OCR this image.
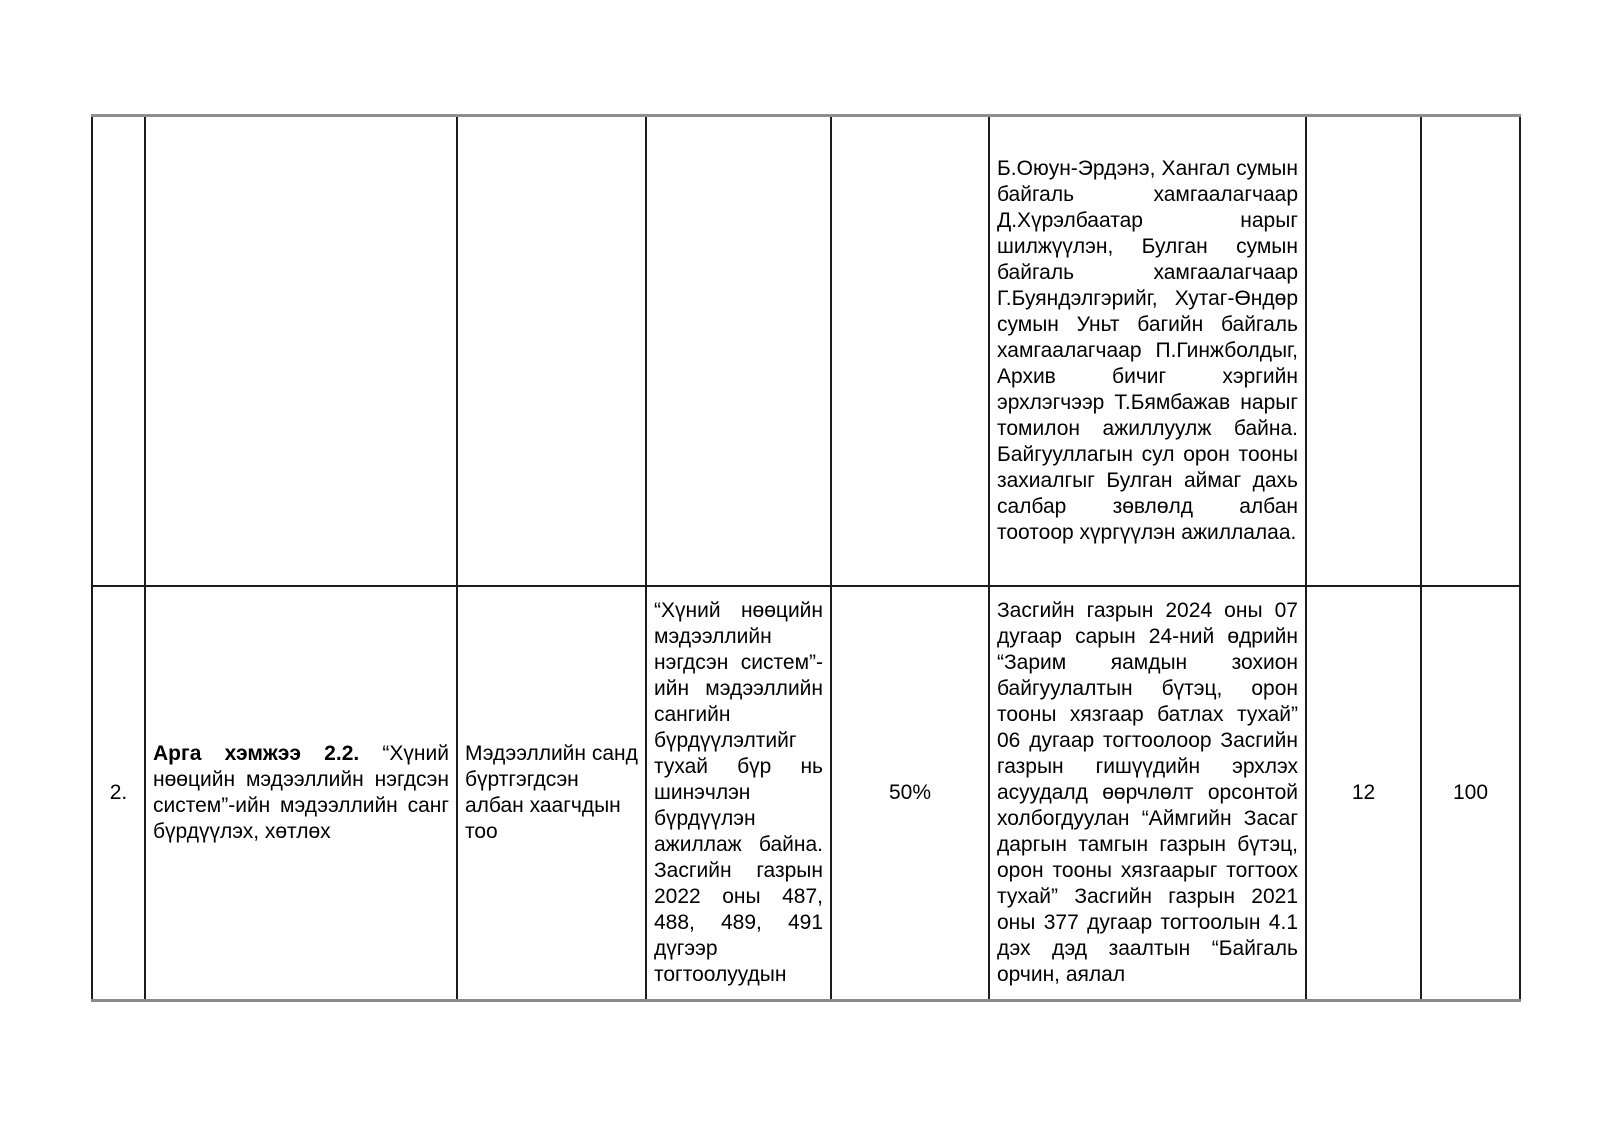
					Б.Оюун-Эрдэнэ, Хангал сумын байгаль хамгаалагчаар Д.Хүрэлбаатар нарыг шилжүүлэн, Булган сумын байгаль хамгаалагчаар Г.Буяндэлгэрийг, Хутаг-Өндөр сумын Уньт багийн байгаль хамгаалагчаар П.Гинжболдыг, Архив бичиг хэргийн эрхлэгчээр Т.Бямбажав нарыг томилон ажиллуулж байна. Байгууллагын сул орон тооны захиалгыг Булган аймаг дахь салбар зөвлөлд албан тоотоор хүргүүлэн ажиллалаа.		

2.	Арга хэмжээ 2.2. “Хүний нөөцийн мэдээллийн нэгдсэн систем”-ийн мэдээллийн санг бүрдүүлэх, хөтлөх	Мэдээллийн санд бүртгэгдсэн албан хаагчдын тоо	“Хүний нөөцийн мэдээллийн нэгдсэн систем”-ийн мэдээллийн сангийн бүрдүүлэлтийг тухай бүр нь шинэчлэн бүрдүүлэн ажиллаж байна. Засгийн газрын 2022 оны 487, 488, 489, 491 дүгээр тогтоолуудын	50%	Засгийн газрын 2024 оны 07 дугаар сарын 24-ний өдрийн “Зарим яамдын зохион байгуулалтын бүтэц, орон тооны хязгаар батлах тухай” 06 дугаар тогтоолоор Засгийн газрын гишүүдийн эрхлэх асуудалд өөрчлөлт орсонтой холбогдуулан “Аймгийн Засаг даргын тамгын газрын бүтэц, орон тооны хязгаарыг тогтоох тухай” Засгийн газрын 2021 оны 377 дугаар тогтоолын 4.1 дэх дэд заалтын “Байгаль орчин, аялал	12	100
